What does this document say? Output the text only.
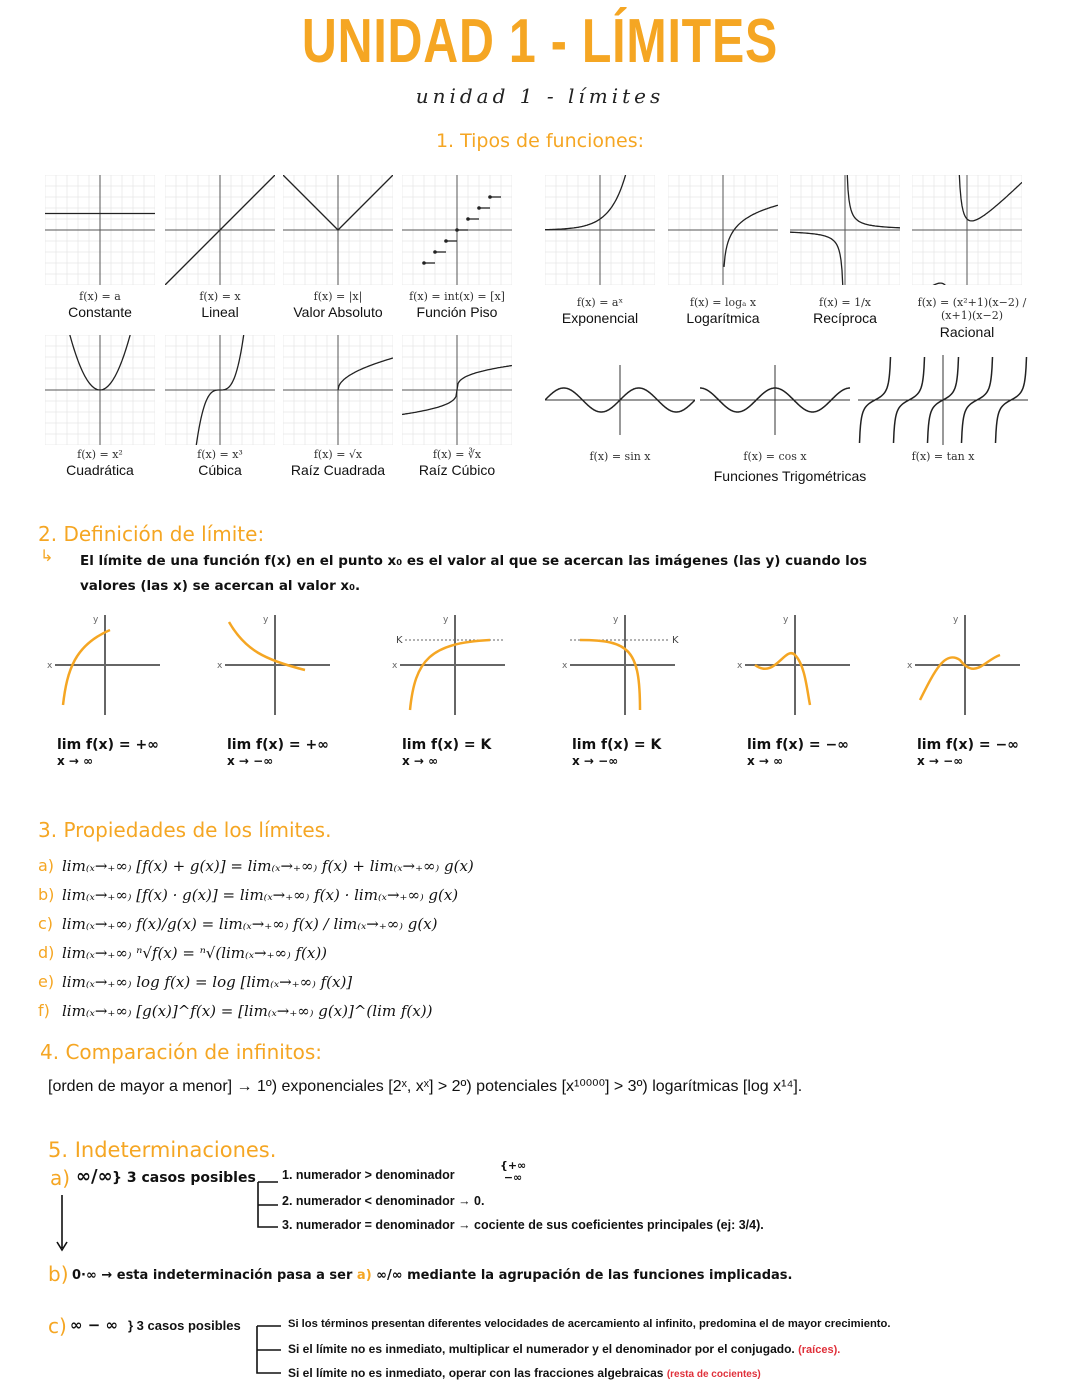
UNIDAD 1 - LÍMITES
unidad 1 - límites
1. Tipos de funciones:
f(x) = a
Constante
f(x) = x
Lineal
f(x) = |x|
Valor Absoluto
f(x) = int(x) = [x]
Función Piso
f(x) = aˣ
Exponencial
f(x) = logₐ x
Logarítmica
f(x) = 1/x
Recíproca
f(x) = (x²+1)(x−2) / (x+1)(x−2)
Racional
f(x) = x²
Cuadrática
f(x) = x³
Cúbica
f(x) = √x
Raíz Cuadrada
f(x) = ∛x
Raíz Cúbico
f(x) = sin x	f(x) = cos x	f(x) = tan x
Funciones Trigométricas
2. Definición de límite:
↳ El límite de una función f(x) en el punto x₀ es el valor al que se acercan las imágenes (las y) cuando los
valores (las x) se acercan al valor x₀.
y
x
lim f(x) = +∞
x → ∞
y
x
lim f(x) = +∞
x → −∞
y
x
K
lim f(x) = K
x → ∞
y
x
K
lim f(x) = K
x → −∞
y
x
lim f(x) = −∞
x → ∞
y
x
lim f(x) = −∞
x → −∞
3. Propiedades de los límites.
a) lim₍ₓ→₊∞₎ [f(x) + g(x)] = lim₍ₓ→₊∞₎ f(x) + lim₍ₓ→₊∞₎ g(x)
b) lim₍ₓ→₊∞₎ [f(x) · g(x)] = lim₍ₓ→₊∞₎ f(x) · lim₍ₓ→₊∞₎ g(x)
c) lim₍ₓ→₊∞₎ f(x)/g(x) = lim₍ₓ→₊∞₎ f(x) / lim₍ₓ→₊∞₎ g(x)
d) lim₍ₓ→₊∞₎ ⁿ√f(x) = ⁿ√(lim₍ₓ→₊∞₎ f(x))
e) lim₍ₓ→₊∞₎ log f(x) = log [lim₍ₓ→₊∞₎ f(x)]
f) lim₍ₓ→₊∞₎ [g(x)]^f(x) = [lim₍ₓ→₊∞₎ g(x)]^(lim f(x))
4. Comparación de infinitos:
[orden de mayor a menor] → 1º) exponenciales [2ˣ, xˣ] > 2º) potenciales [x¹⁰⁰⁰⁰] > 3º) logarítmicas [log x¹⁴].
5. Indeterminaciones.
a) ∞/∞ } 3 casos posibles 1. numerador > denominador
{+∞
−∞
2. numerador < denominador → 0.
3. numerador = denominador → cociente de sus coeficientes principales (ej: 3/4).
b) 0·∞ → esta indeterminación pasa a ser a) ∞/∞ mediante la agrupación de las funciones implicadas.
c) ∞ − ∞ } 3 casos posibles	Si los términos presentan diferentes velocidades de acercamiento al infinito, predomina el de mayor crecimiento.
Si el límite no es inmediato, multiplicar el numerador y el denominador por el conjugado. (raíces).
Si el límite no es inmediato, operar con las fracciones algebraicas (resta de cocientes)
